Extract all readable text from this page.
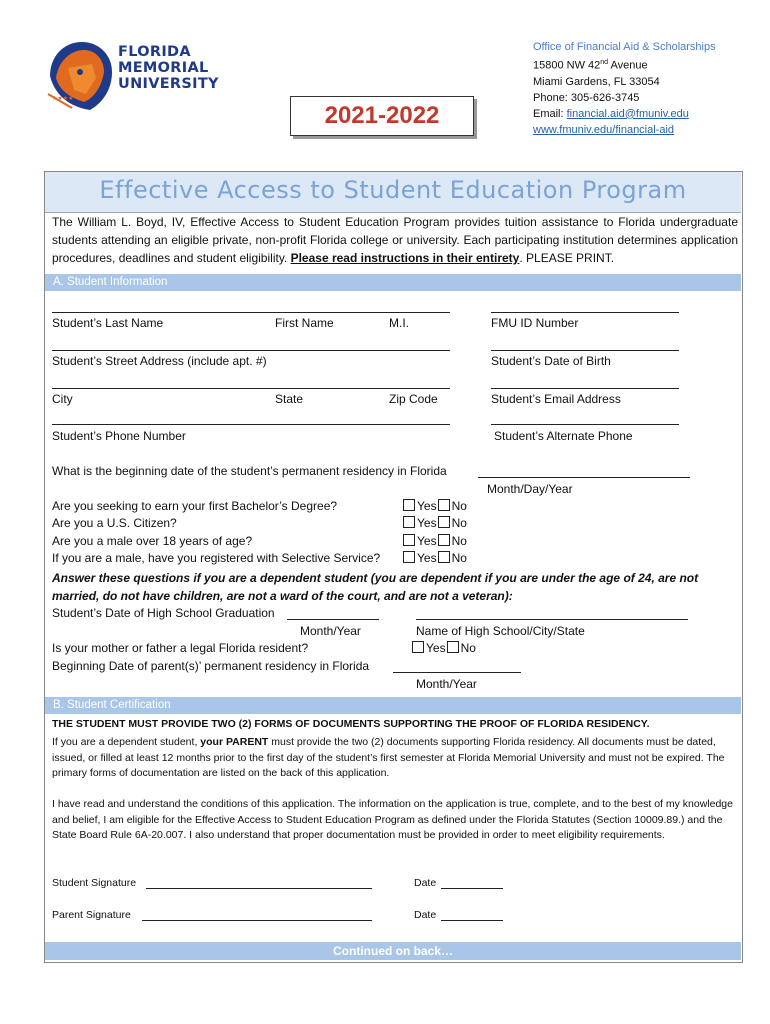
★★★★
FLORIDA
MEMORIAL
UNIVERSITY
2021-2022
Office of Financial Aid & Scholarships
15800 NW 42nd Avenue
Miami Gardens, FL 33054
Phone: 305-626-3745
Email: financial.aid@fmuniv.edu
www.fmuniv.edu/financial-aid
Effective Access to Student Education Program
The William L. Boyd, IV, Effective Access to Student Education Program provides tuition assistance to Florida undergraduate students attending an eligible private, non-profit Florida college or university. Each participating institution determines application procedures, deadlines and student eligibility. Please read instructions in their entirety. PLEASE PRINT.
A. Student Information
Student’s Last Name	First Name	M.I.	FMU ID Number
Student’s Street Address (include apt. #)	Student’s Date of Birth
City	State	Zip Code	Student’s Email Address
Student’s Phone Number	Student’s Alternate Phone
What is the beginning date of the student’s permanent residency in Florida
Month/Day/Year
Are you seeking to earn your first Bachelor’s Degree?	Yes No
Are you a U.S. Citizen?	Yes No
Are you a male over 18 years of age?	Yes No
If you are a male, have you registered with Selective Service?	Yes No
Answer these questions if you are a dependent student (you are dependent if you are under the age of 24, are not married, do not have children, are not a ward of the court, and are not a veteran):
Student’s Date of High School Graduation
Month/Year	Name of High School/City/State
Is your mother or father a legal Florida resident?	Yes No
Beginning Date of parent(s)’ permanent residency in Florida
Month/Year
B. Student Certification
THE STUDENT MUST PROVIDE TWO (2) FORMS OF DOCUMENTS SUPPORTING THE PROOF OF FLORIDA RESIDENCY.
If you are a dependent student, your PARENT must provide the two (2) documents supporting Florida residency. All documents must be dated, issued, or filled at least 12 months prior to the first day of the student’s first semester at Florida Memorial University and must not be expired. The primary forms of documentation are listed on the back of this application.
I have read and understand the conditions of this application. The information on the application is true, complete, and to the best of my knowledge and belief, I am eligible for the Effective Access to Student Education Program as defined under the Florida Statutes (Section 10009.89.) and the State Board Rule 6A-20.007. I also understand that proper documentation must be provided in order to meet eligibility requirements.
Student Signature	Date
Parent Signature	Date
Continued on back…
